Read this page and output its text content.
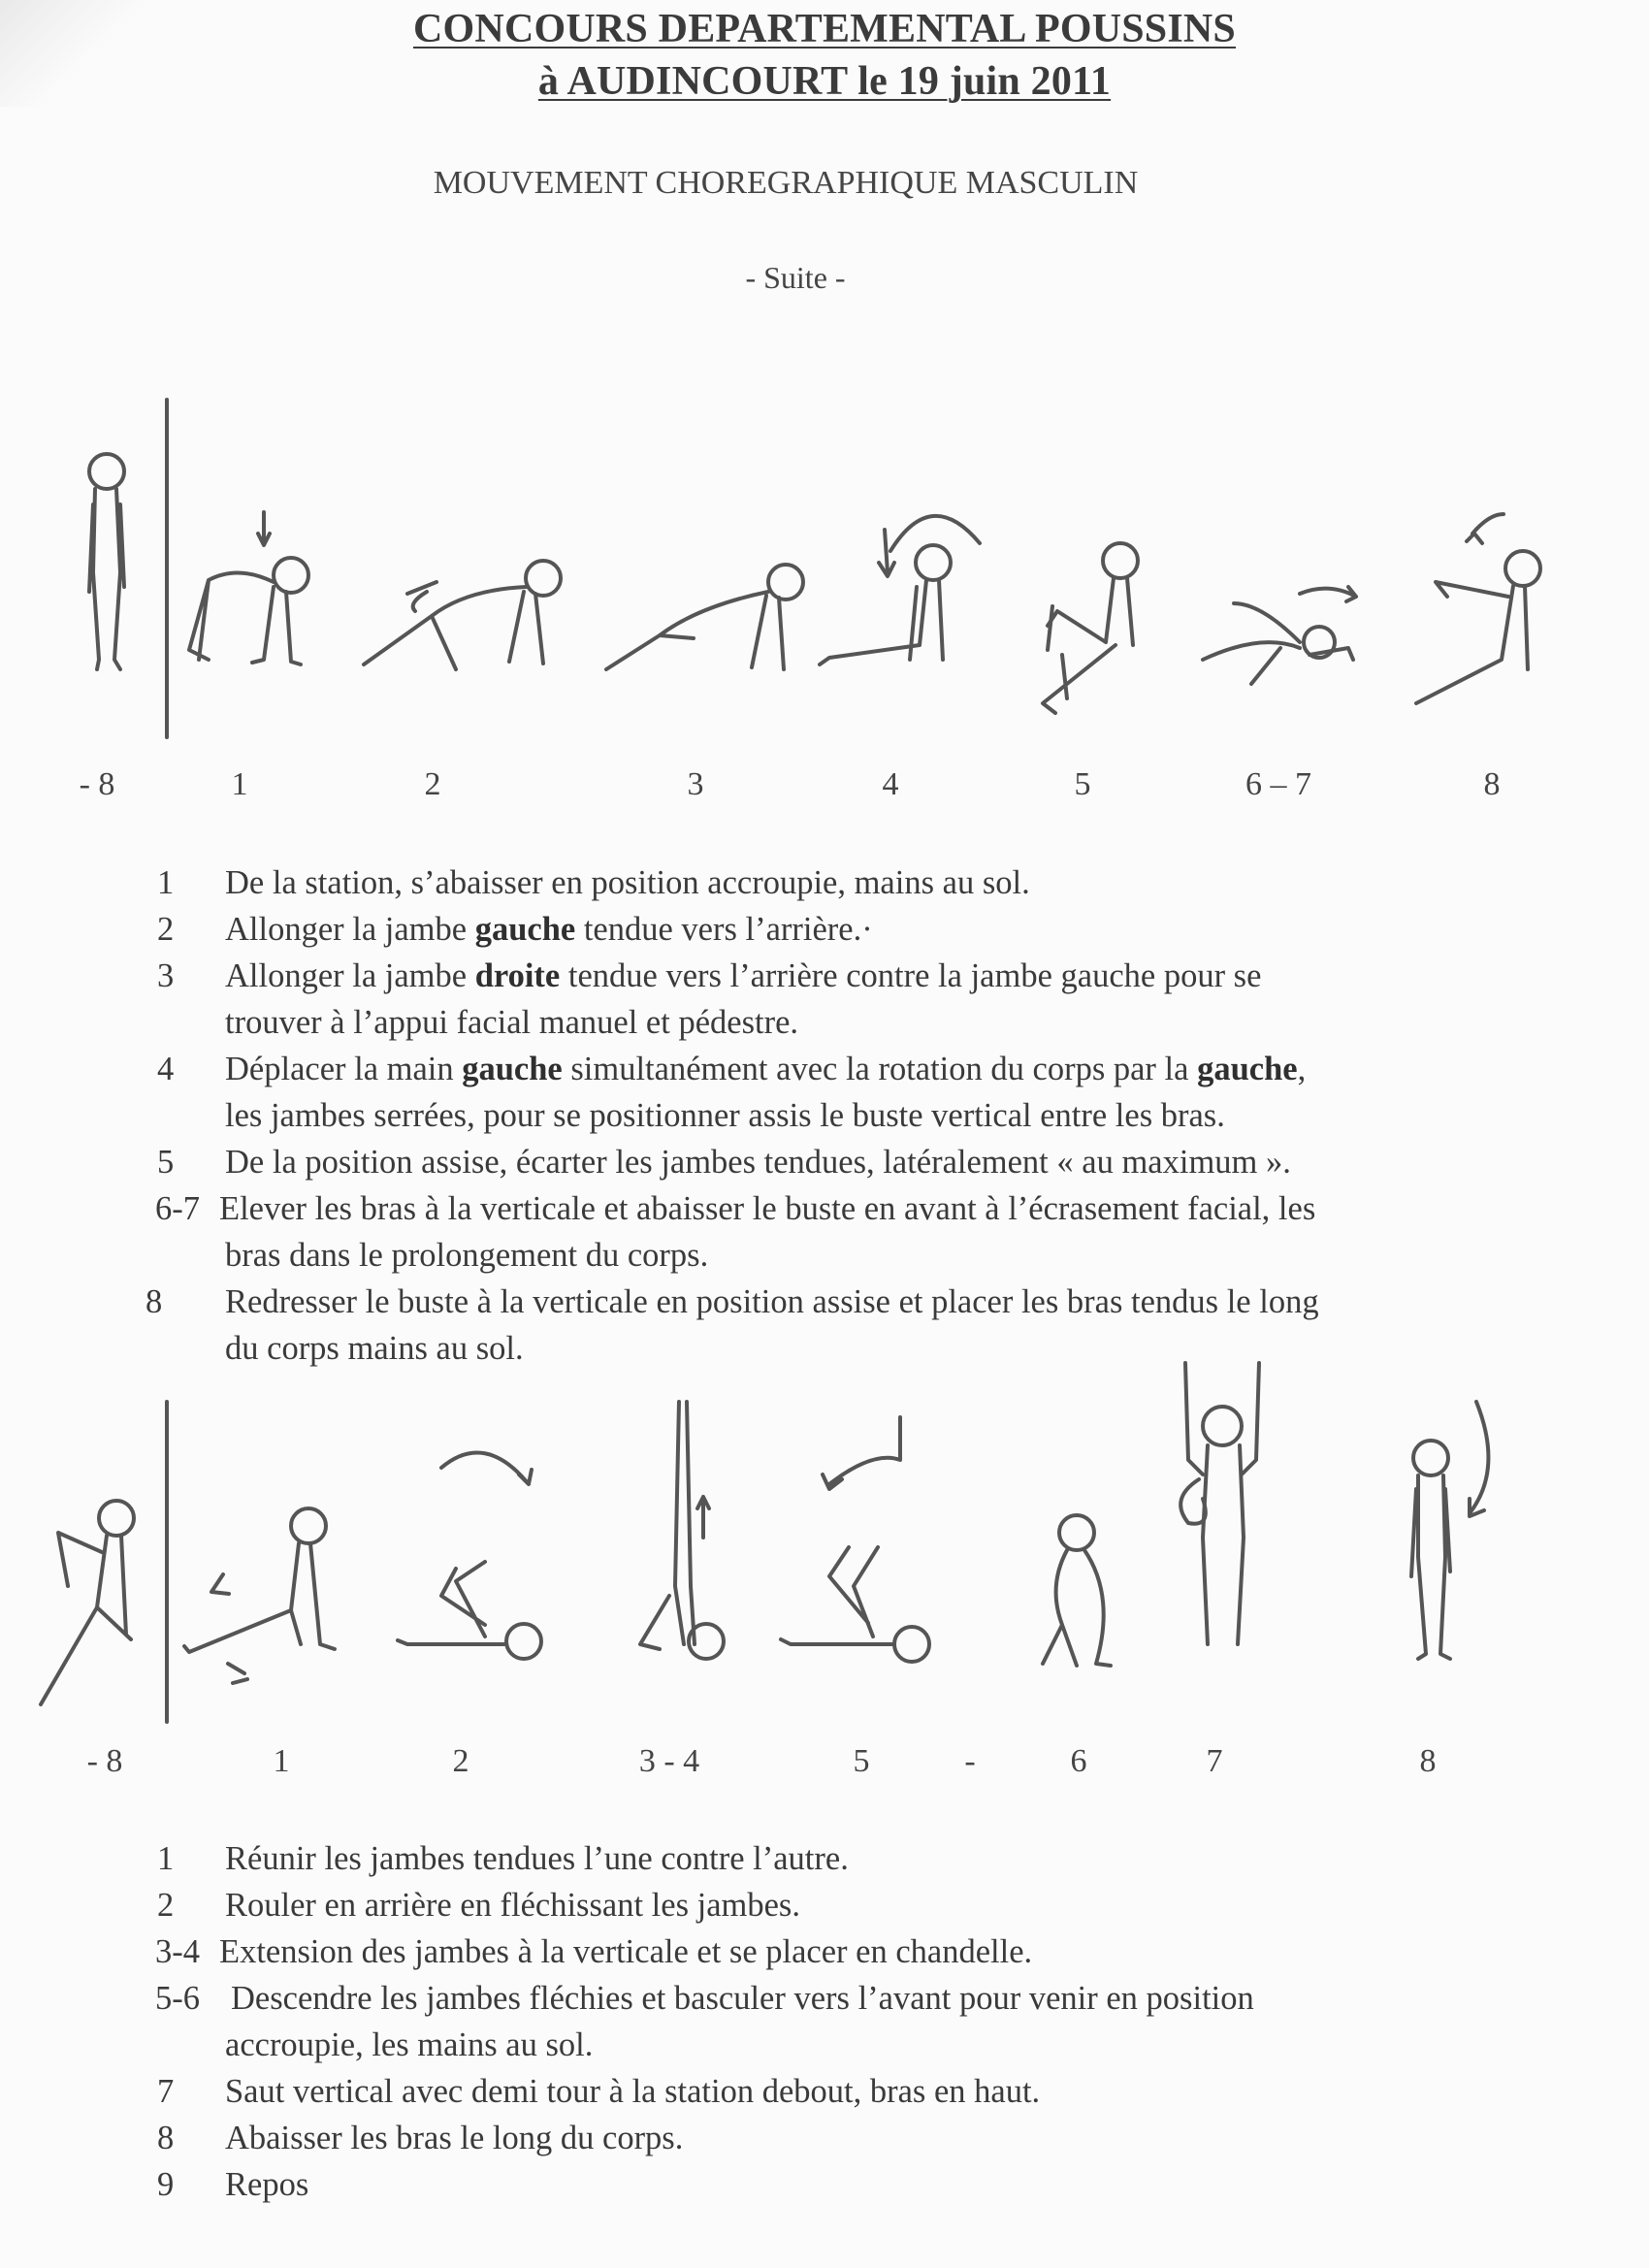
CONCOURS DEPARTEMENTAL POUSSINS
à AUDINCOURT le 19 juin 2011
MOUVEMENT CHOREGRAPHIQUE MASCULIN
- Suite -
- 8	1	2	3	4	5	6 – 7	8
1 De la station, s’abaisser en position accroupie, mains au sol.
2 Allonger la jambe gauche tendue vers l’arrière.·
3 Allonger la jambe droite tendue vers l’arrière contre la jambe gauche pour se
trouver à l’appui facial manuel et pédestre.
4 Déplacer la main gauche simultanément avec la rotation du corps par la gauche,
les jambes serrées, pour se positionner assis le buste vertical entre les bras.
5 De la position assise, écarter les jambes tendues, latéralement « au maximum ».
6-7 Elever les bras à la verticale et abaisser le buste en avant à l’écrasement facial, les
bras dans le prolongement du corps.
8 Redresser le buste à la verticale en position assise et placer les bras tendus le long
du corps mains au sol.
- 8	1	2	3 - 4	5	-	6	7	8
1 Réunir les jambes tendues l’une contre l’autre.
2 Rouler en arrière en fléchissant les jambes.
3-4 Extension des jambes à la verticale et se placer en chandelle.
5-6 Descendre les jambes fléchies et basculer vers l’avant pour venir en position
accroupie, les mains au sol.
7 Saut vertical avec demi tour à la station debout, bras en haut.
8 Abaisser les bras le long du corps.
9 Repos
